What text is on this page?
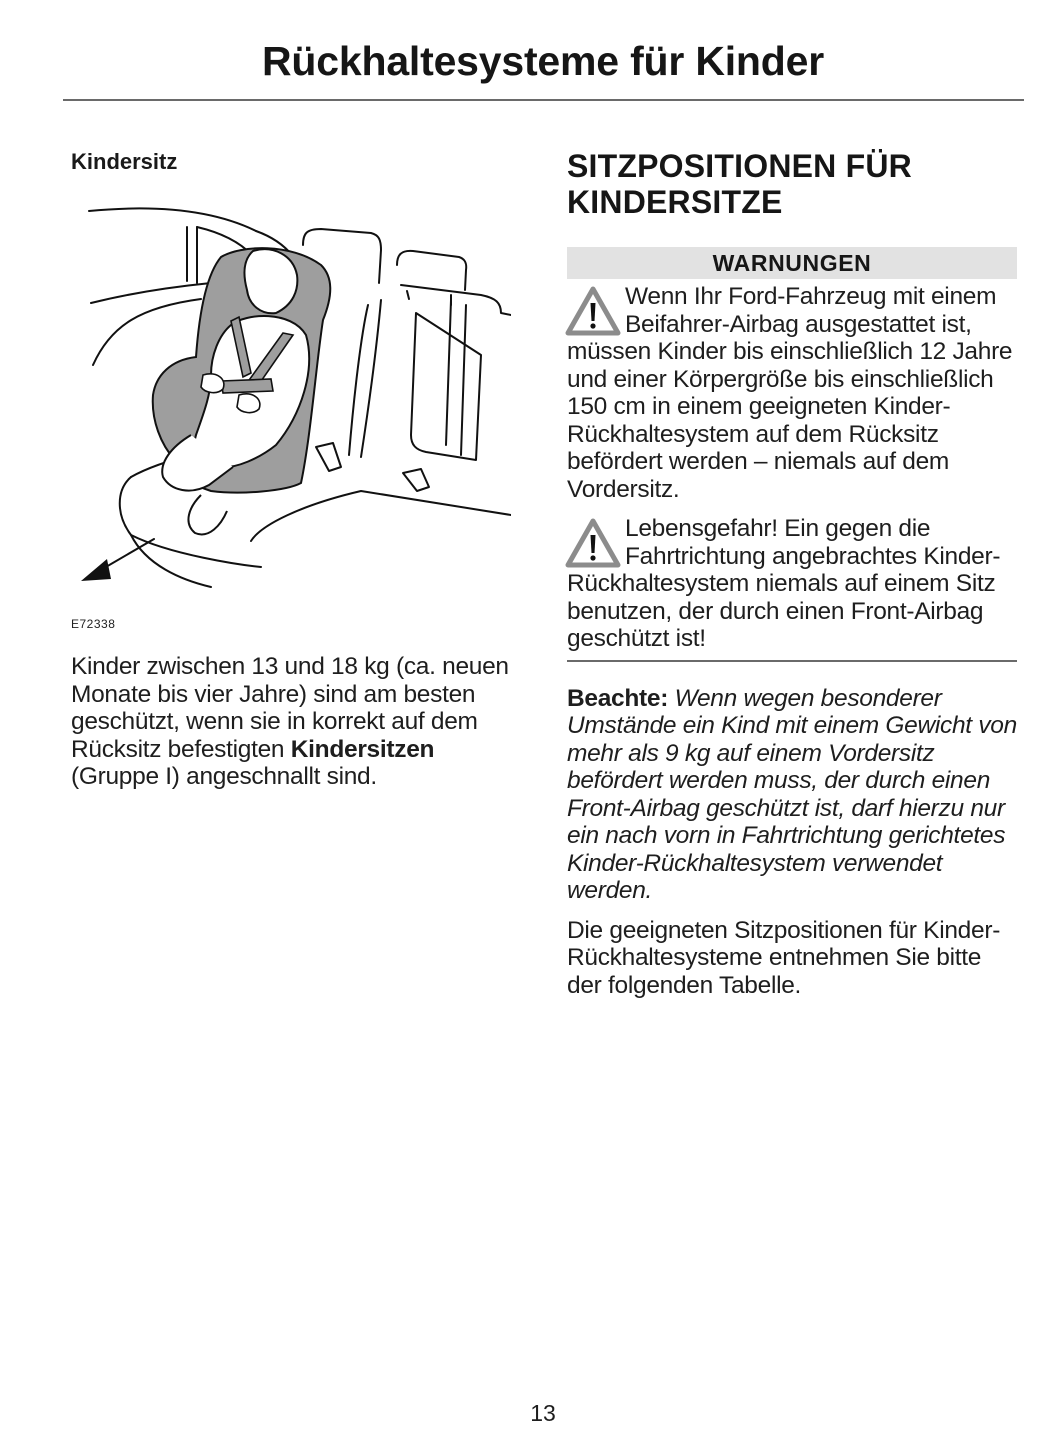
Rückhaltesysteme für Kinder
Kindersitz
E72338
Kinder zwischen 13 und 18 kg (ca. neuen Monate bis vier Jahre) sind am besten geschützt, wenn sie in korrekt auf dem Rücksitz befestigten Kindersitzen (Gruppe I) angeschnallt sind.
SITZPOSITIONEN FÜR KINDERSITZE
WARNUNGEN
Wenn Ihr Ford-Fahrzeug mit einem Beifahrer-Airbag ausgestattet ist, müssen Kinder bis einschließlich 12 Jahre und einer Körpergröße bis einschließlich 150 cm in einem geeigneten Kinder-Rückhaltesystem auf dem Rücksitz befördert werden – niemals auf dem Vordersitz.
Lebensgefahr! Ein gegen die Fahrtrichtung angebrachtes Kinder-Rückhaltesystem niemals auf einem Sitz benutzen, der durch einen Front-Airbag geschützt ist!
Beachte: Wenn wegen besonderer Umstände ein Kind mit einem Gewicht von mehr als 9 kg auf einem Vordersitz befördert werden muss, der durch einen Front-Airbag geschützt ist, darf hierzu nur ein nach vorn in Fahrtrichtung gerichtetes Kinder-Rückhaltesystem verwendet werden.
Die geeigneten Sitzpositionen für Kinder-Rückhaltesysteme entnehmen Sie bitte der folgenden Tabelle.
13
